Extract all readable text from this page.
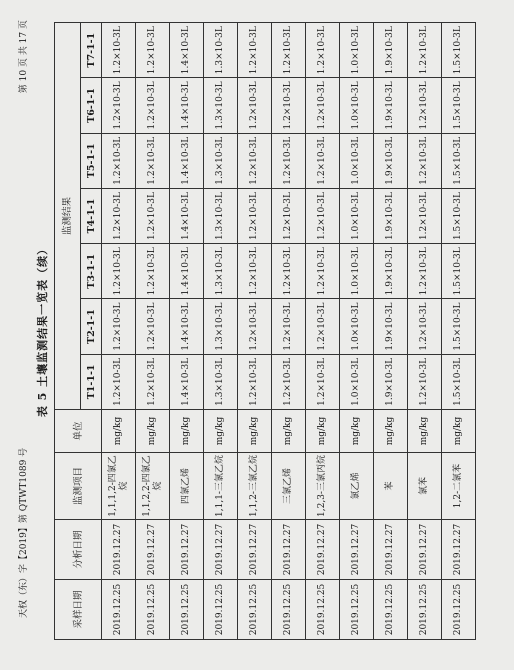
天权（东）字【2019】第 QTWT1089 号
第 10 页 共 17 页
表 5 土壤监测结果一览表（续）
采样日期	分析日期	监测项目	单位	监测结果						
				T1-1-1	T2-1-1	T3-1-1	T4-1-1	T5-1-1	T6-1-1	T7-1-1
2019.12.25	2019.12.27	1,1,1,2-四氯乙烷	mg/kg	1.2×10-3L	1.2×10-3L	1.2×10-3L	1.2×10-3L	1.2×10-3L	1.2×10-3L	1.2×10-3L
2019.12.25	2019.12.27	1,1,2,2-四氯乙烷	mg/kg	1.2×10-3L	1.2×10-3L	1.2×10-3L	1.2×10-3L	1.2×10-3L	1.2×10-3L	1.2×10-3L
2019.12.25	2019.12.27	四氯乙烯	mg/kg	1.4×10-3L	1.4×10-3L	1.4×10-3L	1.4×10-3L	1.4×10-3L	1.4×10-3L	1.4×10-3L
2019.12.25	2019.12.27	1,1,1-三氯乙烷	mg/kg	1.3×10-3L	1.3×10-3L	1.3×10-3L	1.3×10-3L	1.3×10-3L	1.3×10-3L	1.3×10-3L
2019.12.25	2019.12.27	1,1,2-三氯乙烷	mg/kg	1.2×10-3L	1.2×10-3L	1.2×10-3L	1.2×10-3L	1.2×10-3L	1.2×10-3L	1.2×10-3L
2019.12.25	2019.12.27	三氯乙烯	mg/kg	1.2×10-3L	1.2×10-3L	1.2×10-3L	1.2×10-3L	1.2×10-3L	1.2×10-3L	1.2×10-3L
2019.12.25	2019.12.27	1,2,3-三氯丙烷	mg/kg	1.2×10-3L	1.2×10-3L	1.2×10-3L	1.2×10-3L	1.2×10-3L	1.2×10-3L	1.2×10-3L
2019.12.25	2019.12.27	氯乙烯	mg/kg	1.0×10-3L	1.0×10-3L	1.0×10-3L	1.0×10-3L	1.0×10-3L	1.0×10-3L	1.0×10-3L
2019.12.25	2019.12.27	苯	mg/kg	1.9×10-3L	1.9×10-3L	1.9×10-3L	1.9×10-3L	1.9×10-3L	1.9×10-3L	1.9×10-3L
2019.12.25	2019.12.27	氯苯	mg/kg	1.2×10-3L	1.2×10-3L	1.2×10-3L	1.2×10-3L	1.2×10-3L	1.2×10-3L	1.2×10-3L
2019.12.25	2019.12.27	1,2-二氯苯	mg/kg	1.5×10-3L	1.5×10-3L	1.5×10-3L	1.5×10-3L	1.5×10-3L	1.5×10-3L	1.5×10-3L
